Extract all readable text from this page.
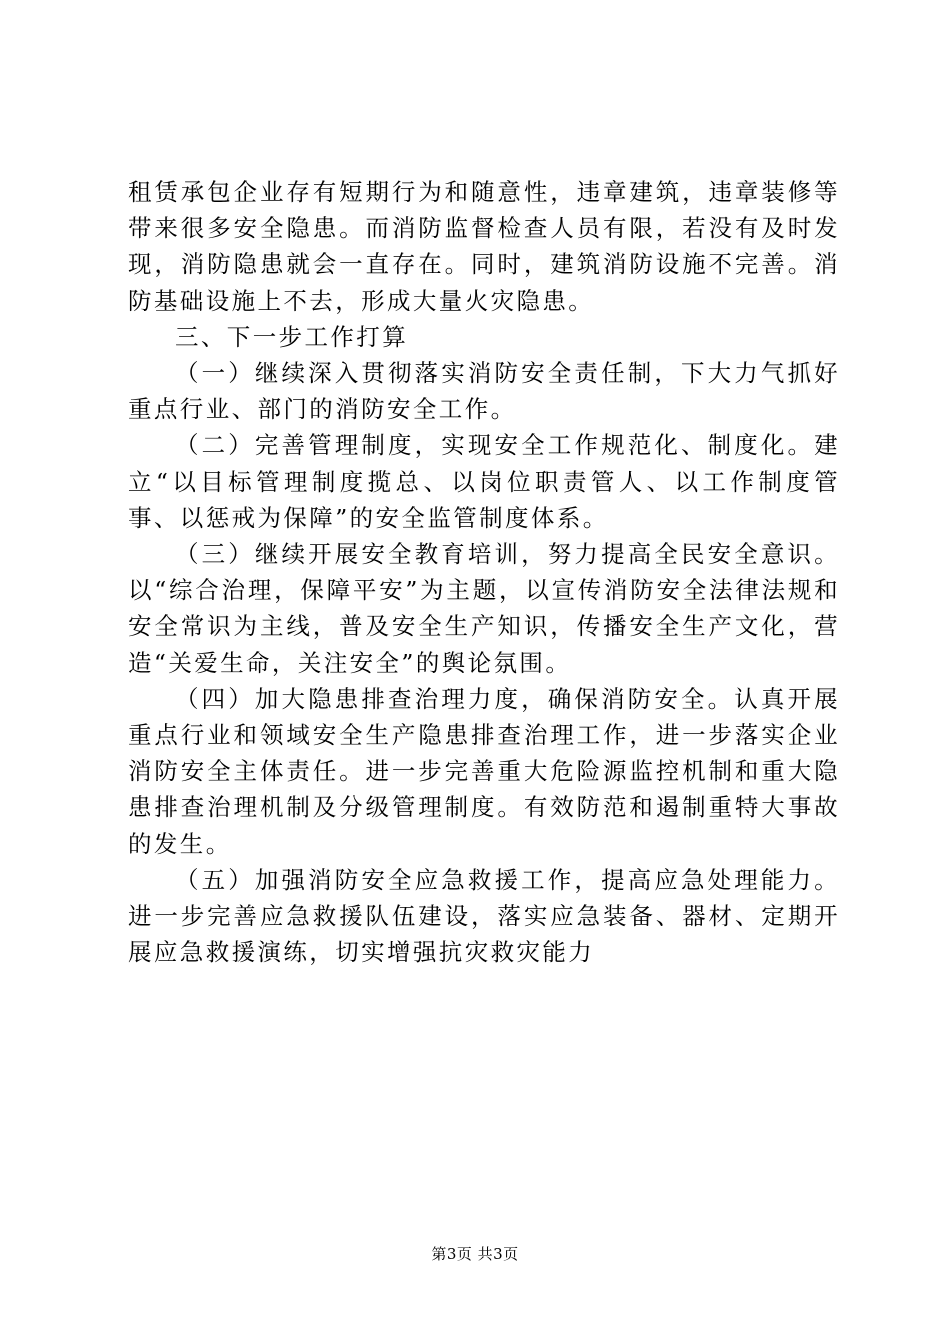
租赁承包企业存有短期行为和随意性，违章建筑，违章装修等带来很多安全隐患。而消防监督检查人员有限，若没有及时发现，消防隐患就会一直存在。同时，建筑消防设施不完善。消防基础设施上不去，形成大量火灾隐患。

三、下一步工作打算

（一）继续深入贯彻落实消防安全责任制，下大力气抓好重点行业、部门的消防安全工作。

（二）完善管理制度，实现安全工作规范化、制度化。建立“以目标管理制度揽总、以岗位职责管人、以工作制度管事、以惩戒为保障”的安全监管制度体系。

（三）继续开展安全教育培训，努力提高全民安全意识。以“综合治理，保障平安”为主题，以宣传消防安全法律法规和安全常识为主线，普及安全生产知识，传播安全生产文化，营造“关爱生命，关注安全”的舆论氛围。

（四）加大隐患排查治理力度，确保消防安全。认真开展重点行业和领域安全生产隐患排查治理工作，进一步落实企业消防安全主体责任。进一步完善重大危险源监控机制和重大隐患排查治理机制及分级管理制度。有效防范和遏制重特大事故的发生。

（五）加强消防安全应急救援工作，提高应急处理能力。进一步完善应急救援队伍建设，落实应急装备、器材、定期开展应急救援演练，切实增强抗灾救灾能力

第3页 共3页
